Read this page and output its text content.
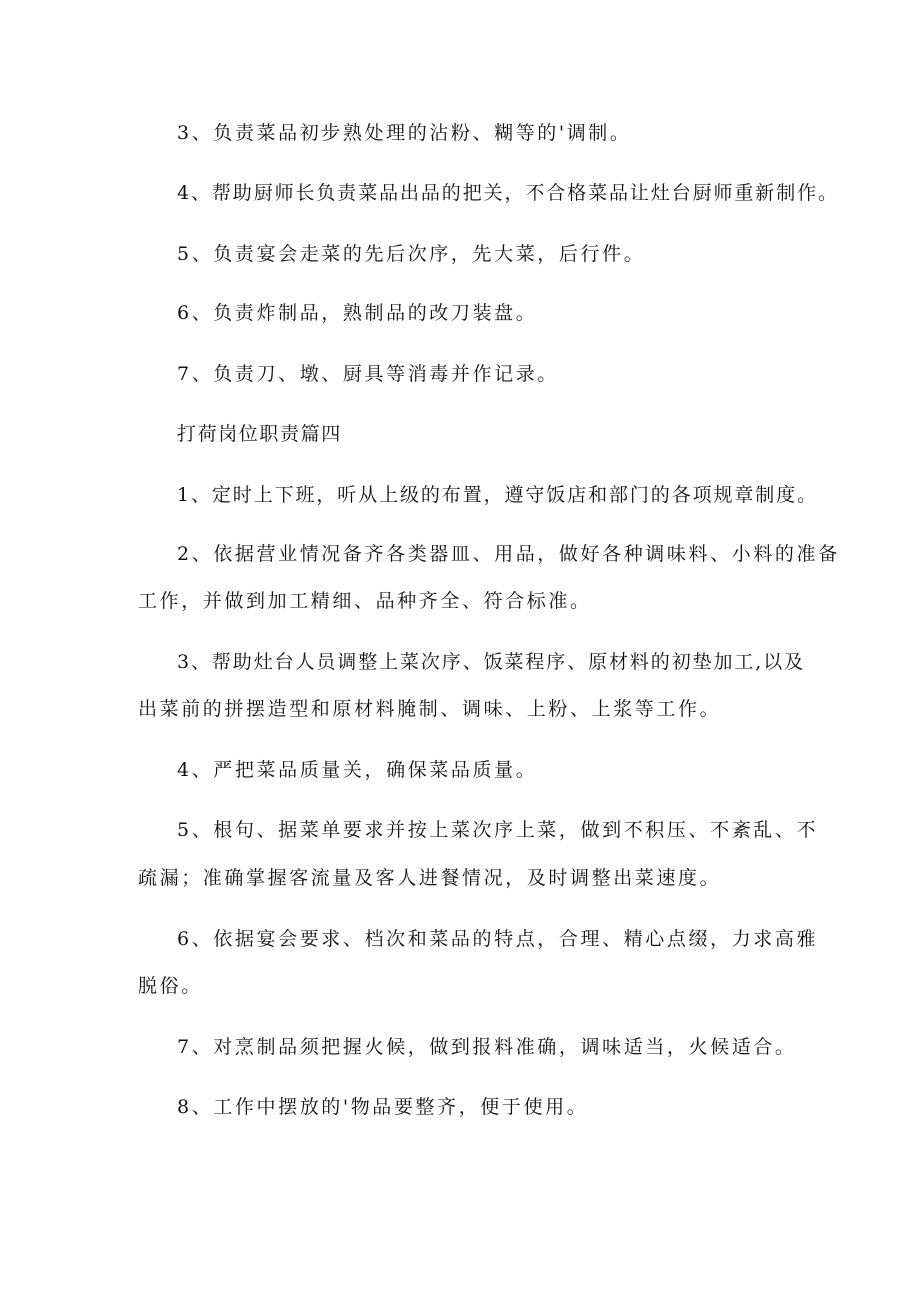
3、负责菜品初步熟处理的沾粉、糊等的'调制。

4、帮助厨师长负责菜品出品的把关，不合格菜品让灶台厨师重新制作。

5、负责宴会走菜的先后次序，先大菜，后行件。

6、负责炸制品，熟制品的改刀装盘。

7、负责刀、墩、厨具等消毒并作记录。

打荷岗位职责篇四

1、定时上下班，听从上级的布置，遵守饭店和部门的各项规章制度。

2、依据营业情况备齐各类器皿、用品，做好各种调味料、小料的准备

工作，并做到加工精细、品种齐全、符合标准。

3、帮助灶台人员调整上菜次序、饭菜程序、原材料的初垫加工,以及

出菜前的拼摆造型和原材料腌制、调味、上粉、上浆等工作。

4、严把菜品质量关，确保菜品质量。

5、根句、据菜单要求并按上菜次序上菜，做到不积压、不紊乱、不

疏漏；准确掌握客流量及客人进餐情况，及时调整出菜速度。

6、依据宴会要求、档次和菜品的特点，合理、精心点缀，力求高雅

脱俗。

7、对烹制品须把握火候，做到报料准确，调味适当，火候适合。

8、工作中摆放的'物品要整齐，便于使用。
